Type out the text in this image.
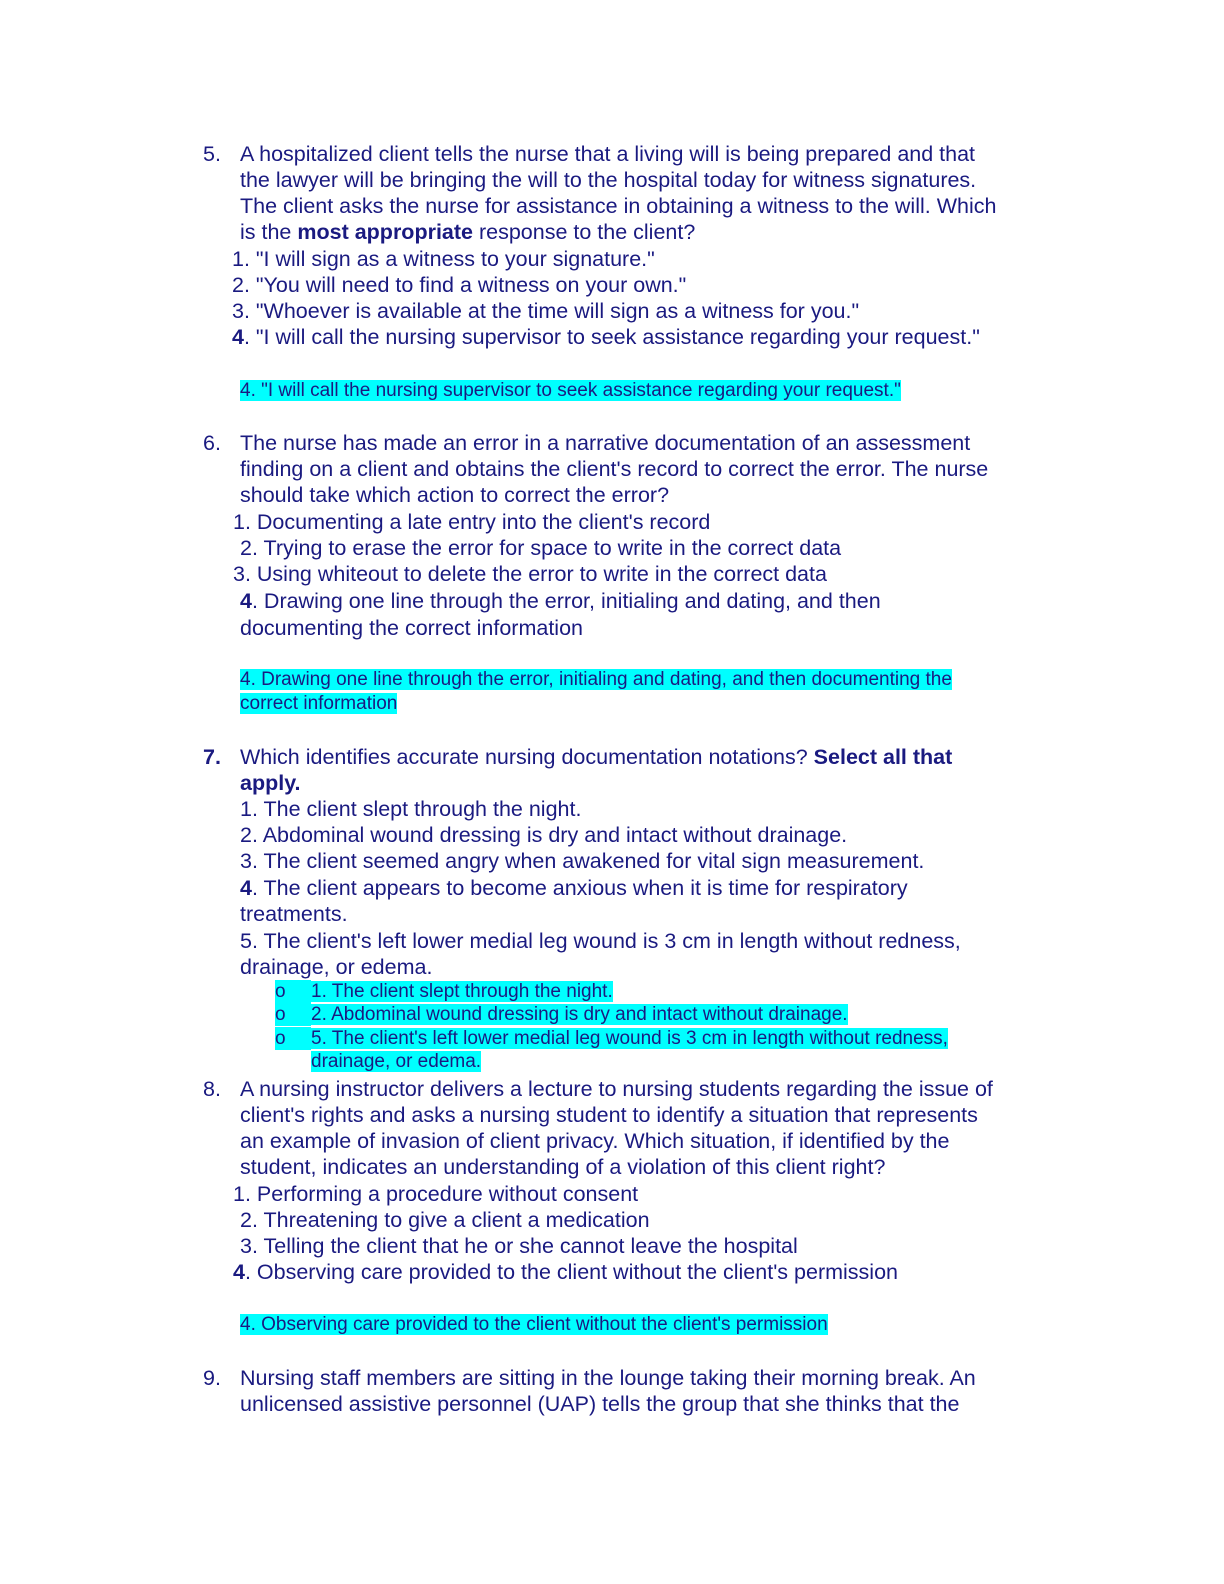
5. A hospitalized client tells the nurse that a living will is being prepared and that
the lawyer will be bringing the will to the hospital today for witness signatures.
The client asks the nurse for assistance in obtaining a witness to the will. Which
is the most appropriate response to the client?
1. "I will sign as a witness to your signature."
2. "You will need to find a witness on your own."
3. "Whoever is available at the time will sign as a witness for you."
4. "I will call the nursing supervisor to seek assistance regarding your request."
4. "I will call the nursing supervisor to seek assistance regarding your request."
6. The nurse has made an error in a narrative documentation of an assessment
finding on a client and obtains the client's record to correct the error. The nurse
should take which action to correct the error?
1. Documenting a late entry into the client's record
2. Trying to erase the error for space to write in the correct data
3. Using whiteout to delete the error to write in the correct data
4. Drawing one line through the error, initialing and dating, and then
documenting the correct information
4. Drawing one line through the error, initialing and dating, and then documenting the
correct information
7. Which identifies accurate nursing documentation notations? Select all that
apply.
1. The client slept through the night.
2. Abdominal wound dressing is dry and intact without drainage.
3. The client seemed angry when awakened for vital sign measurement.
4. The client appears to become anxious when it is time for respiratory
treatments.
5. The client's left lower medial leg wound is 3 cm in length without redness,
drainage, or edema.
o	1. The client slept through the night.
o	2. Abdominal wound dressing is dry and intact without drainage.
o	5. The client's left lower medial leg wound is 3 cm in length without redness,
drainage, or edema.
8. A nursing instructor delivers a lecture to nursing students regarding the issue of
client's rights and asks a nursing student to identify a situation that represents
an example of invasion of client privacy. Which situation, if identified by the
student, indicates an understanding of a violation of this client right?
1. Performing a procedure without consent
2. Threatening to give a client a medication
3. Telling the client that he or she cannot leave the hospital
4. Observing care provided to the client without the client's permission
4. Observing care provided to the client without the client's permission
9. Nursing staff members are sitting in the lounge taking their morning break. An
unlicensed assistive personnel (UAP) tells the group that she thinks that the
